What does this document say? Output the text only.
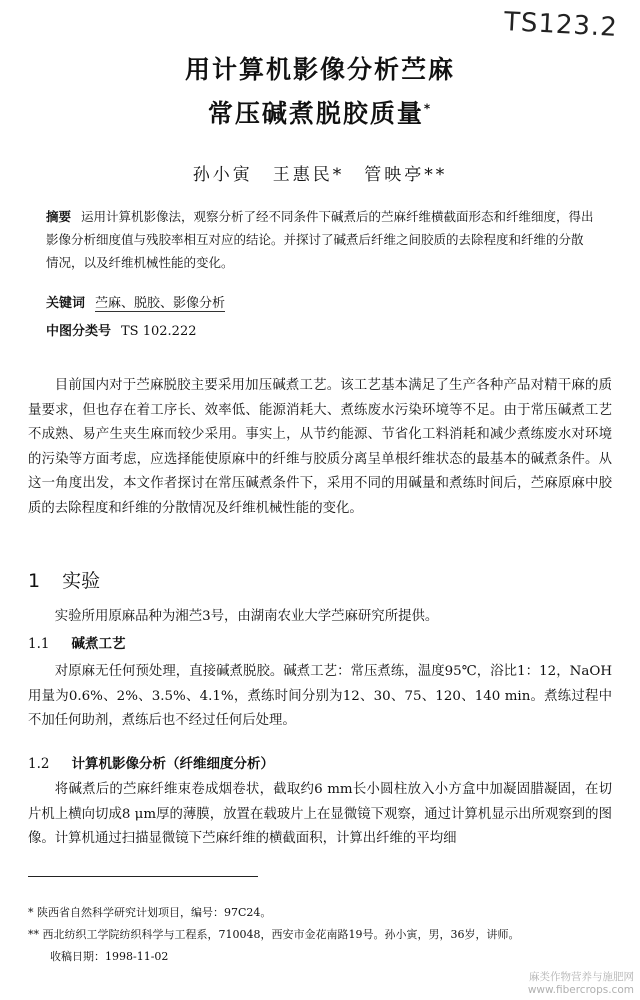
TS123.2
用计算机影像分析苎麻
常压碱煮脱胶质量*
孙小寅　王惠民*　管映亭**
摘要 运用计算机影像法，观察分析了经不同条件下碱煮后的苎麻纤维横截面形态和纤维细度，得出影像分析细度值与残胶率相互对应的结论。并探讨了碱煮后纤维之间胶质的去除程度和纤维的分散情况，以及纤维机械性能的变化。
关键词 苎麻、脱胶、影像分析
中图分类号 TS 102.222
目前国内对于苎麻脱胶主要采用加压碱煮工艺。该工艺基本满足了生产各种产品对精干麻的质量要求，但也存在着工序长、效率低、能源消耗大、煮练废水污染环境等不足。由于常压碱煮工艺不成熟、易产生夹生麻而较少采用。事实上，从节约能源、节省化工料消耗和减少煮练废水对环境的污染等方面考虑，应选择能使原麻中的纤维与胶质分离呈单根纤维状态的最基本的碱煮条件。从这一角度出发，本文作者探讨在常压碱煮条件下，采用不同的用碱量和煮练时间后，苎麻原麻中胶质的去除程度和纤维的分散情况及纤维机械性能的变化。
1 实验
实验所用原麻品种为湘苎3号，由湖南农业大学苎麻研究所提供。
1.1 碱煮工艺
对原麻无任何预处理，直接碱煮脱胶。碱煮工艺：常压煮练，温度95℃，浴比1：12，NaOH用量为0.6%、2%、3.5%、4.1%，煮练时间分别为12、30、75、120、140 min。煮练过程中不加任何助剂，煮练后也不经过任何后处理。
1.2 计算机影像分析（纤维细度分析）
将碱煮后的苎麻纤维束卷成烟卷状，截取约6 mm长小圆柱放入小方盒中加凝固腊凝固，在切片机上横向切成8 μm厚的薄膜，放置在载玻片上在显微镜下观察，通过计算机显示出所观察到的图像。计算机通过扫描显微镜下苎麻纤维的横截面积，计算出纤维的平均细
* 陕西省自然科学研究计划项目，编号：97C24。
** 西北纺织工学院纺织科学与工程系，710048，西安市金花南路19号。孙小寅，男，36岁，讲师。
收稿日期：1998-11-02
麻类作物营养与施肥网
www.fibercrops.com
